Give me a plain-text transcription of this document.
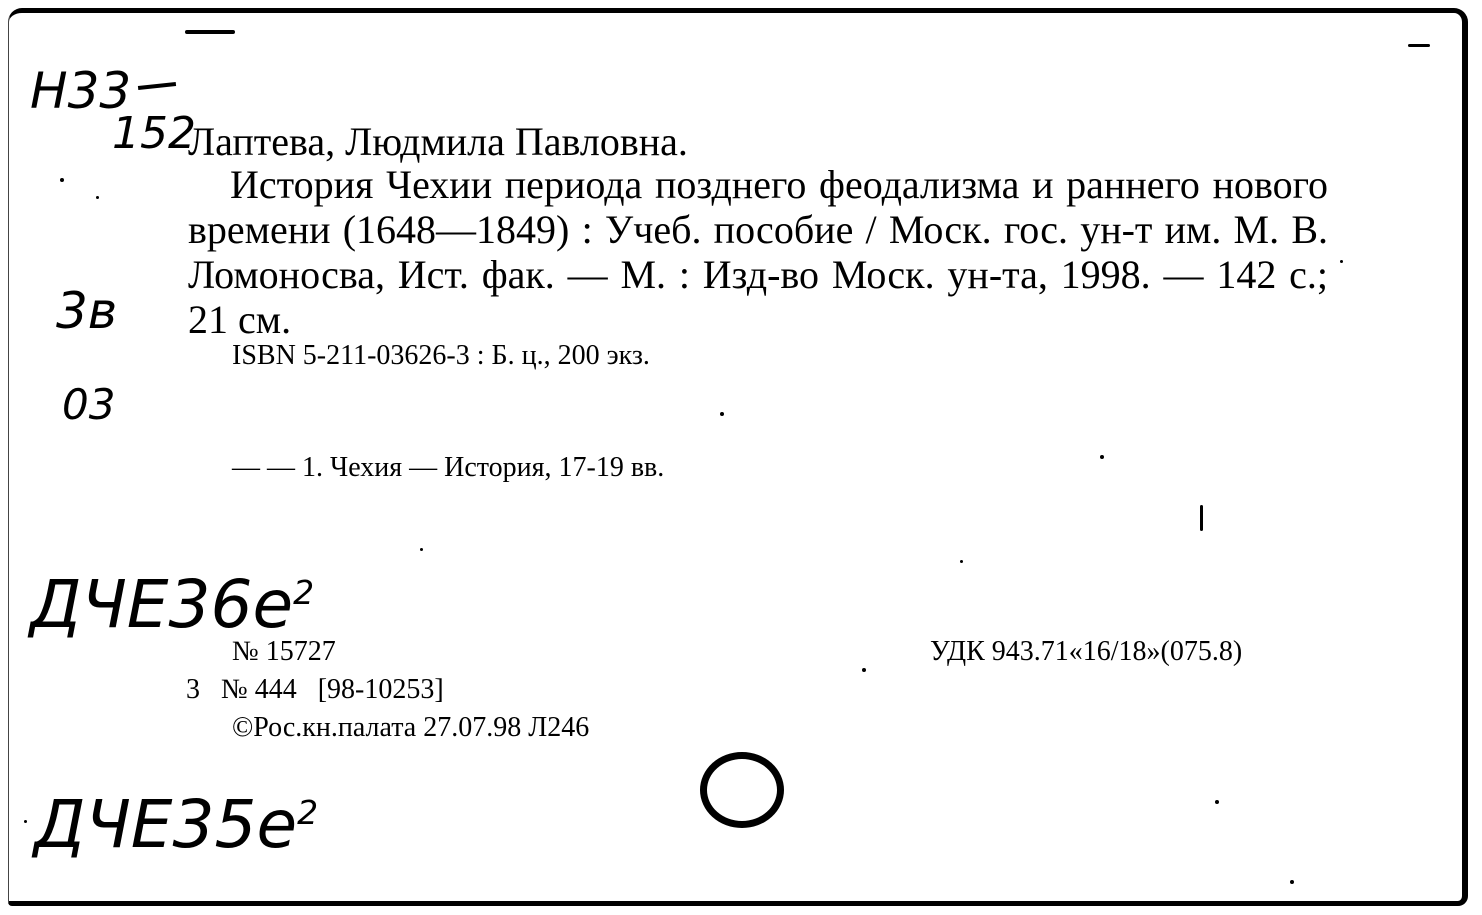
Н33
152
3в
03
Лаптева, Людмила Павловна.
История Чехии периода позднего феодализма и раннего нового времени (1648—1849) : Учеб. пособие / Моск. гос. ун-т им. М. В. Ломоносва, Ист. фак. — М. : Изд-во Моск. ун-та, 1998. — 142 с.; 21 см.
ISBN 5-211-03626-3 : Б. ц., 200 экз.
— — 1. Чехия — История, 17-19 вв.
$ДЧЕ36е^2$
$ДЧЕ35е^2$
№ 15727	УДК 943.71«16/18»(075.8)
3   № 444   [98-10253]
©Рос.кн.палата 27.07.98 Л246
